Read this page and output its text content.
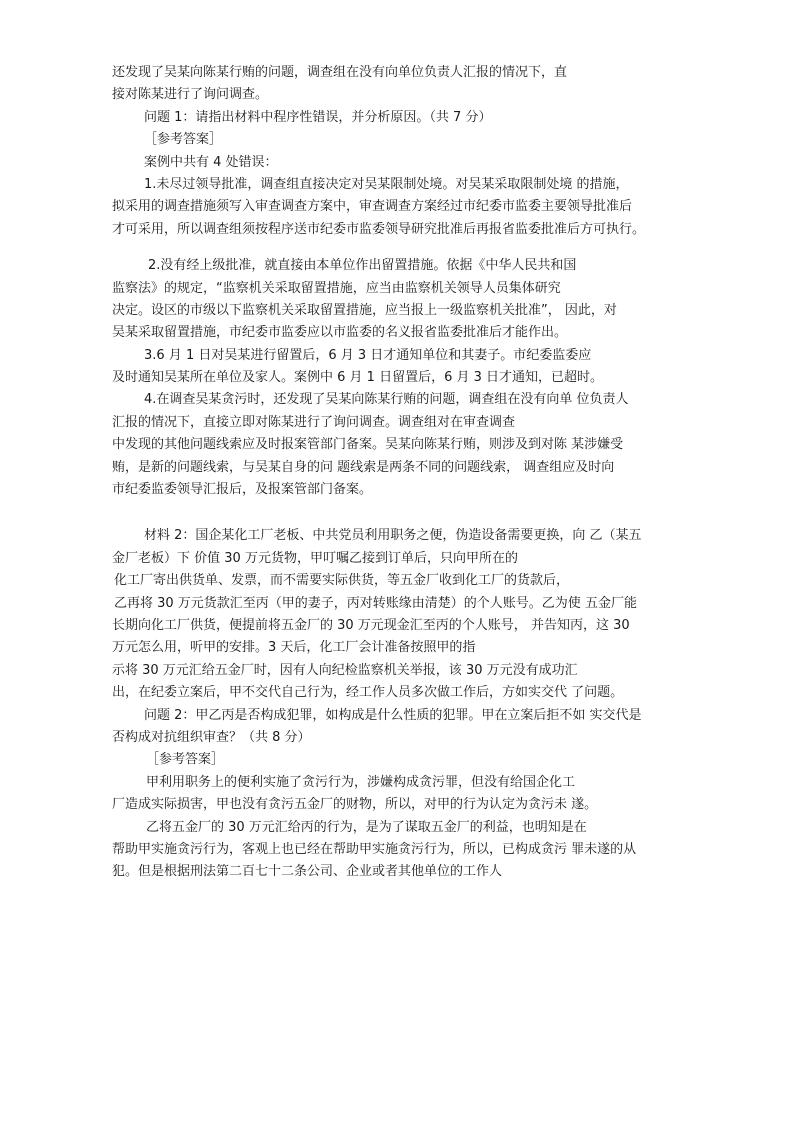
还发现了吴某向陈某行贿的问题，调查组在没有向单位负责人汇报的情况下，直
接对陈某进行了询问调查。
问题 1：请指出材料中程序性错误，并分析原因。（共 7 分）
［参考答案］
案例中共有 4 处错误：
1.未尽过领导批准，调查组直接决定对吴某限制处境。对吴某采取限制处境 的措施，
拟采用的调查措施须写入审查调查方案中，审查调查方案经过市纪委市监委主要领导批准后
才可采用，所以调查组须按程序送市纪委市监委领导研究批准后再报省监委批准后方可执行。
2.没有经上级批准，就直接由本单位作出留置措施。依据《中华人民共和国
监察法》的规定，“监察机关采取留置措施，应当由监察机关领导人员集体研究
决定。设区的市级以下监察机关采取留置措施，应当报上一级监察机关批准”， 因此，对
吴某采取留置措施，市纪委市监委应以市监委的名义报省监委批准后才能作出。
3.6 月 1 日对吴某进行留置后，6 月 3 日才通知单位和其妻子。市纪委监委应
及时通知吴某所在单位及家人。案例中 6 月 1 日留置后，6 月 3 日才通知，已超时。
4.在调查吴某贪污时，还发现了吴某向陈某行贿的问题，调查组在没有向单 位负责人
汇报的情况下，直接立即对陈某进行了询问调查。调查组对在审查调查
中发现的其他问题线索应及时报案管部门备案。吴某向陈某行贿，则涉及到对陈 某涉嫌受
贿，是新的问题线索，与吴某自身的问 题线索是两条不同的问题线索， 调查组应及时向
市纪委监委领导汇报后，及报案管部门备案。
材料 2：国企某化工厂老板、中共党员利用职务之便，伪造设备需要更换，向 乙（某五
金厂老板）下 价值 30 万元货物，甲叮嘱乙接到订单后，只向甲所在的
化工厂寄出供货单、发票，而不需要实际供货，等五金厂收到化工厂的货款后，
乙再将 30 万元货款汇至丙（甲的妻子，丙对转账缘由清楚）的个人账号。乙为使 五金厂能
长期向化工厂供货，便提前将五金厂的 30 万元现金汇至丙的个人账号， 并告知丙，这 30
万元怎么用，听甲的安排。3 天后，化工厂会计准备按照甲的指
示将 30 万元汇给五金厂时，因有人向纪检监察机关举报，该 30 万元没有成功汇
出，在纪委立案后，甲不交代自己行为，经工作人员多次做工作后，方如实交代 了问题。
问题 2：甲乙丙是否构成犯罪，如构成是什么性质的犯罪。甲在立案后拒不如 实交代是
否构成对抗组织审查？（共 8 分）
［参考答案］
甲利用职务上的便利实施了贪污行为，涉嫌构成贪污罪，但没有给国企化工
厂造成实际损害，甲也没有贪污五金厂的财物，所以，对甲的行为认定为贪污未 遂。
乙将五金厂的 30 万元汇给丙的行为，是为了谋取五金厂的利益，也明知是在
帮助甲实施贪污行为，客观上也已经在帮助甲实施贪污行为，所以，已构成贪污 罪未遂的从
犯。但是根据刑法第二百七十二条公司、企业或者其他单位的工作人
